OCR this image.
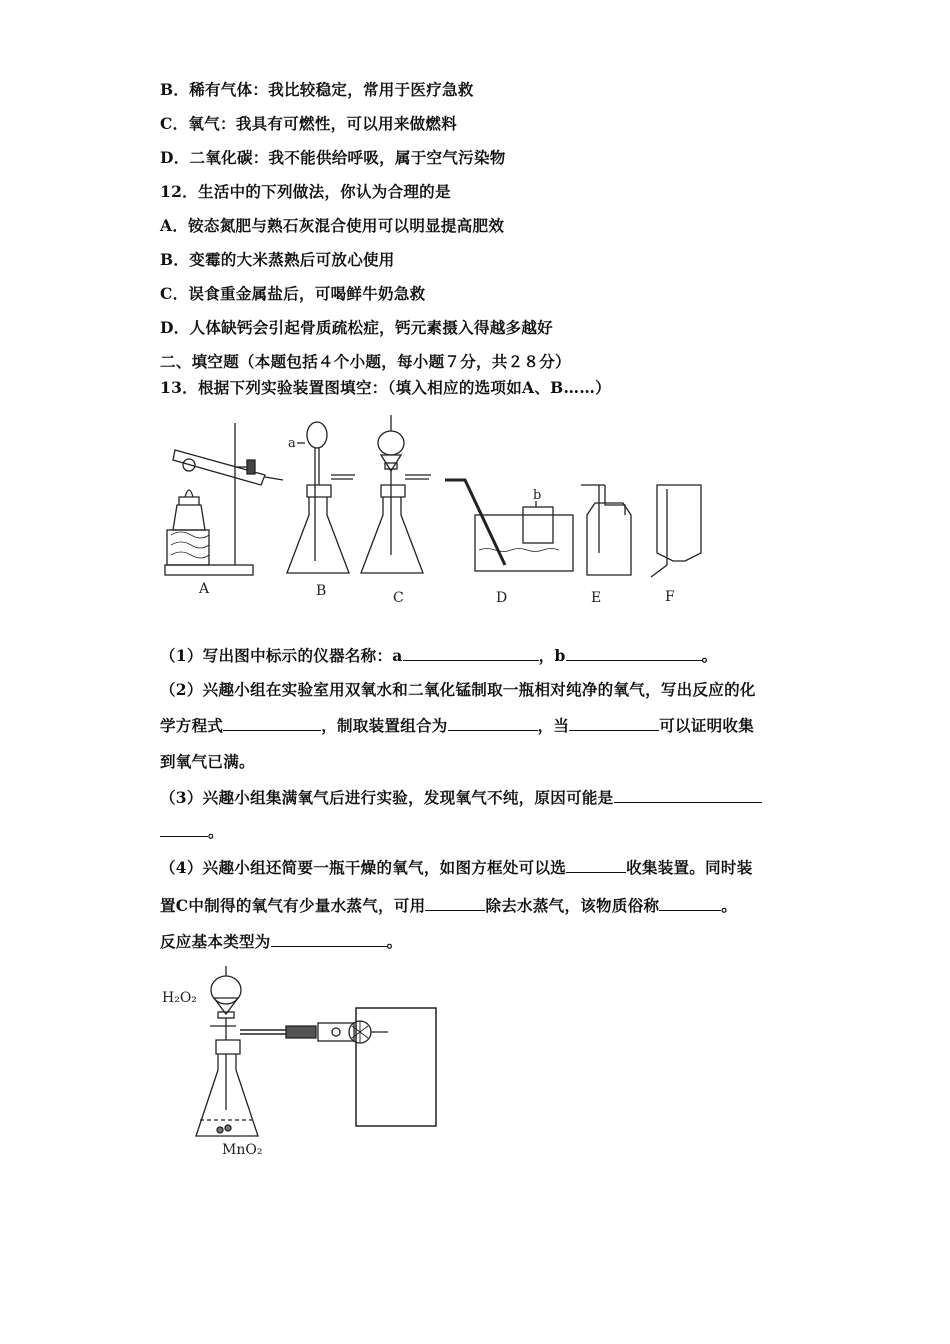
B．稀有气体：我比较稳定，常用于医疗急救
C．氧气：我具有可燃性，可以用来做燃料
D．二氧化碳：我不能供给呼吸，属于空气污染物
12．生活中的下列做法，你认为合理的是
A．铵态氮肥与熟石灰混合使用可以明显提高肥效
B．变霉的大米蒸熟后可放心使用
C．误食重金属盐后，可喝鲜牛奶急救
D．人体缺钙会引起骨质疏松症，钙元素摄入得越多越好
二、填空题（本题包括４个小题，每小题７分，共２８分）
13．根据下列实验装置图填空：（填入相应的选项如A、B……）
a
b
A	B	C	D	E	F
（1）写出图中标示的仪器名称：a	，b	。
（2）兴趣小组在实验室用双氧水和二氧化锰制取一瓶相对纯净的氧气，写出反应的化
学方程式	，制取装置组合为	，当	可以证明收集
到氧气已满。
（3）兴趣小组集满氧气后进行实验，发现氧气不纯，原因可能是
。
（4）兴趣小组还简要一瓶干燥的氧气，如图方框处可以选	收集装置。同时装
置C中制得的氧气有少量水蒸气，可用	除去水蒸气，该物质俗称	。
反应基本类型为	。
H₂O₂
MnO₂
